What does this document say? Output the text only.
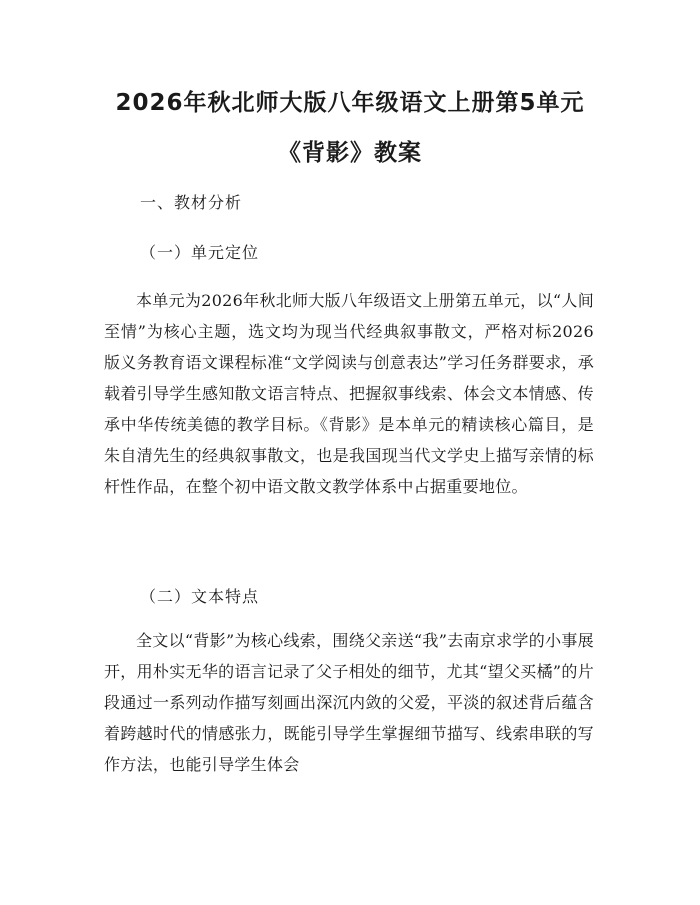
2026年秋北师大版八年级语文上册第5单元
《背影》教案

一、教材分析

（一）单元定位

本单元为2026年秋北师大版八年级语文上册第五单元，以“人间至情”为核心主题，选文均为现当代经典叙事散文，严格对标2026版义务教育语文课程标准“文学阅读与创意表达”学习任务群要求，承载着引导学生感知散文语言特点、把握叙事线索、体会文本情感、传承中华传统美德的教学目标。《背影》是本单元的精读核心篇目，是朱自清先生的经典叙事散文，也是我国现当代文学史上描写亲情的标杆性作品，在整个初中语文散文教学体系中占据重要地位。

（二）文本特点

全文以“背影”为核心线索，围绕父亲送“我”去南京求学的小事展开，用朴实无华的语言记录了父子相处的细节，尤其“望父买橘”的片段通过一系列动作描写刻画出深沉内敛的父爱，平淡的叙述背后蕴含着跨越时代的情感张力，既能引导学生掌握细节描写、线索串联的写作方法，也能引导学生体会
